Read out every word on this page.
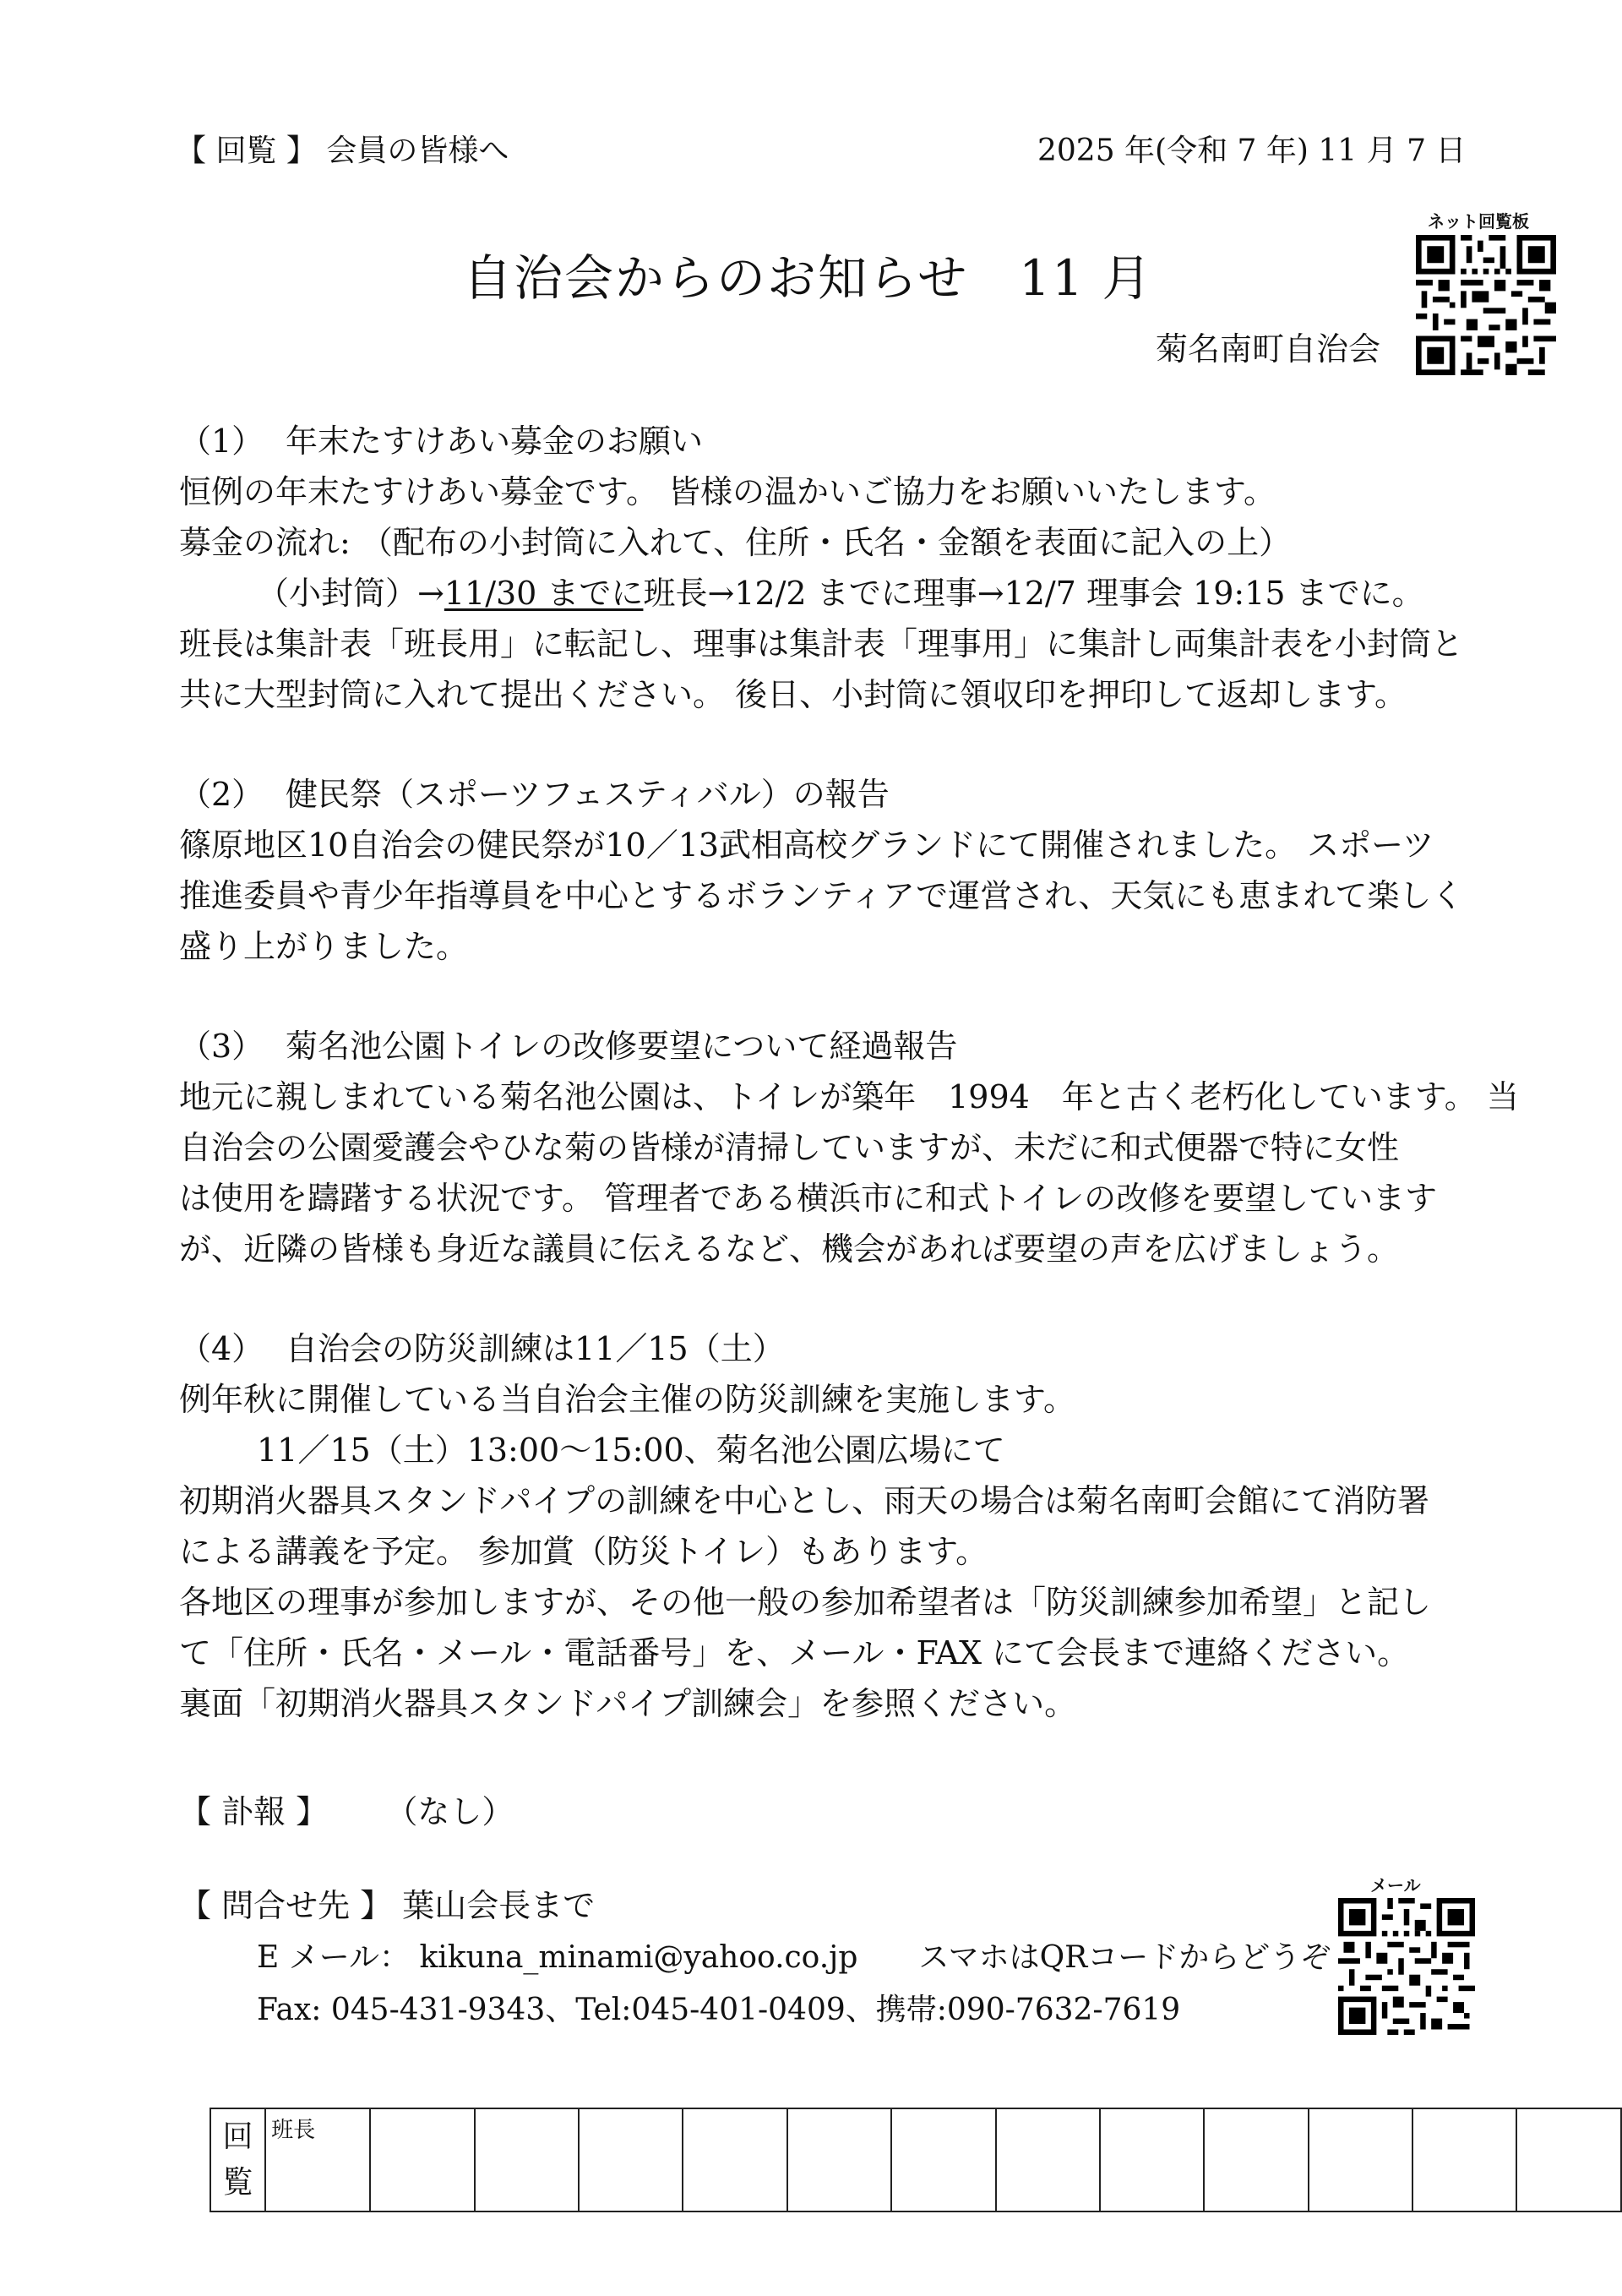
【 回覧 】 会員の皆様へ	2025 年(令和 7 年) 11 月 7 日
自治会からのお知らせ　11 月
菊名南町自治会
ネット回覧板

（1） 年末たすけあい募金のお願い

恒例の年末たすけあい募金です。 皆様の温かいご協力をお願いいたします。

募金の流れ: （配布の小封筒に入れて、住所・氏名・金額を表面に記入の上）

（小封筒）→11/30 までに班長→12/2 までに理事→12/7 理事会 19:15 までに。

班長は集計表「班長用」に転記し、理事は集計表「理事用」に集計し両集計表を小封筒と

共に大型封筒に入れて提出ください。 後日、小封筒に領収印を押印して返却します。

（2） 健民祭（スポーツフェスティバル）の報告

篠原地区10自治会の健民祭が10／13武相高校グランドにて開催されました。 スポーツ

推進委員や青少年指導員を中心とするボランティアで運営され、天気にも恵まれて楽しく

盛り上がりました。

（3） 菊名池公園トイレの改修要望について経過報告

地元に親しまれている菊名池公園は、トイレが築年　1994　年と古く老朽化しています。 当

自治会の公園愛護会やひな菊の皆様が清掃していますが、未だに和式便器で特に女性

は使用を躊躇する状況です。 管理者である横浜市に和式トイレの改修を要望しています

が、近隣の皆様も身近な議員に伝えるなど、機会があれば要望の声を広げましょう。

（4） 自治会の防災訓練は11／15（土）

例年秋に開催している当自治会主催の防災訓練を実施します。

11／15（土）13:00〜15:00、菊名池公園広場にて

初期消火器具スタンドパイプの訓練を中心とし、雨天の場合は菊名南町会館にて消防署

による講義を予定。 参加賞（防災トイレ）もあります。

各地区の理事が参加しますが、その他一般の参加希望者は「防災訓練参加希望」と記し

て「住所・氏名・メール・電話番号」を、メール・FAX にて会長まで連絡ください。

裏面「初期消火器具スタンドパイプ訓練会」を参照ください。

【 訃報 】 （なし）

【 問合せ先 】 葉山会長まで

E メール： kikuna_minami@yahoo.co.jp　　スマホはQRコードからどうぞ

Fax: 045-431-9343、Tel:045-401-0409、携帯:090-7632-7619

メール
回
覧	班長												
